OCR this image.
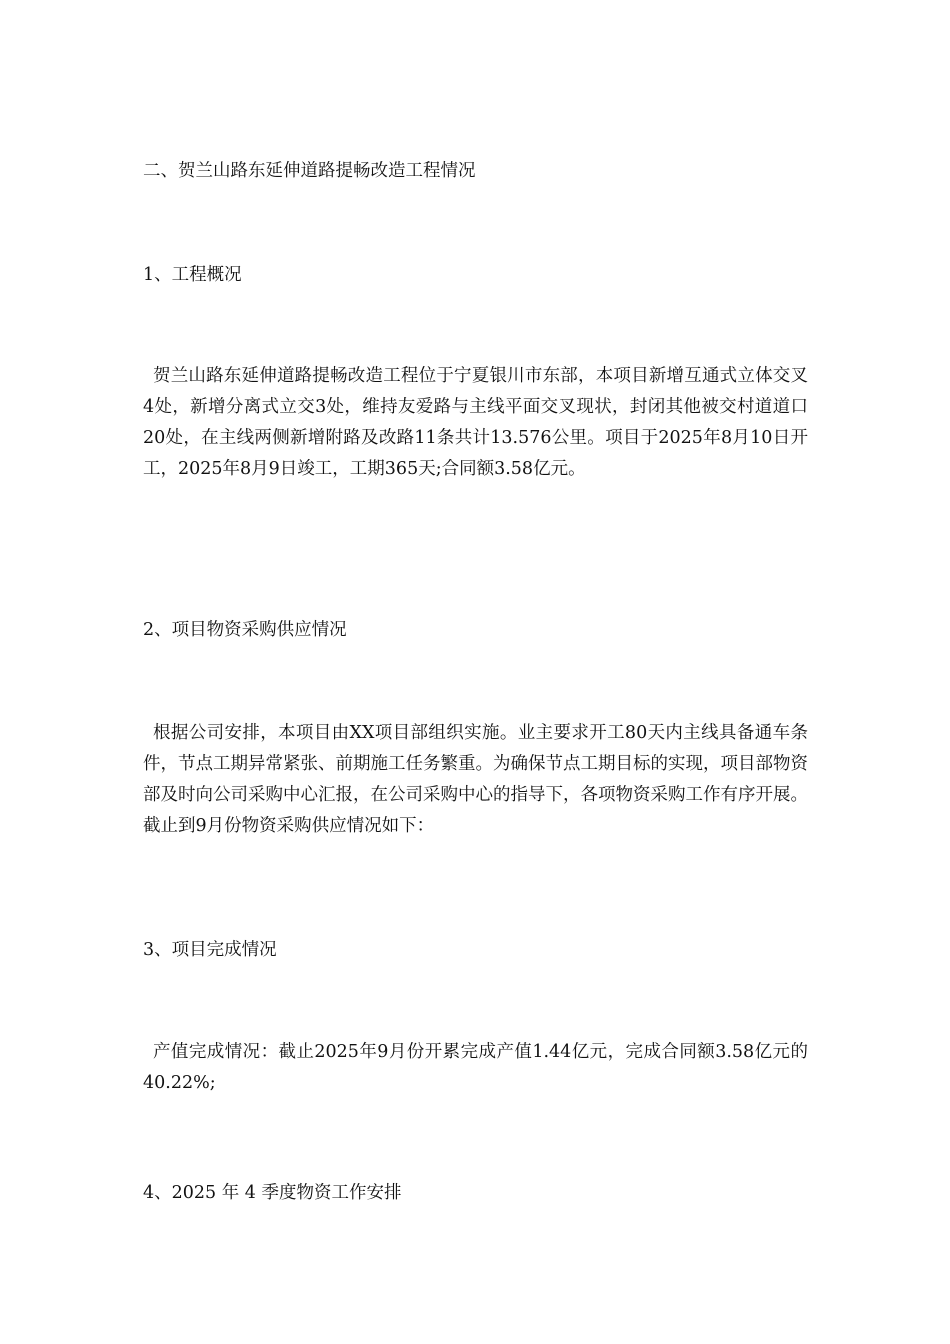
二、贺兰山路东延伸道路提畅改造工程情况
1、工程概况

贺兰山路东延伸道路提畅改造工程位于宁夏银川市东部，本项目新增互通式立体交叉4处，新增分离式立交3处，维持友爱路与主线平面交叉现状，封闭其他被交村道道口20处，在主线两侧新增附路及改路11条共计13.576公里。项目于2025年8月10日开工，2025年8月9日竣工，工期365天;合同额3.58亿元。

2、项目物资采购供应情况

根据公司安排，本项目由XX项目部组织实施。业主要求开工80天内主线具备通车条件，节点工期异常紧张、前期施工任务繁重。为确保节点工期目标的实现，项目部物资部及时向公司采购中心汇报，在公司采购中心的指导下，各项物资采购工作有序开展。截止到9月份物资采购供应情况如下：

3、项目完成情况

产值完成情况：截止2025年9月份开累完成产值1.44亿元，完成合同额3.58亿元的40.22%;

4、2025 年 4 季度物资工作安排
